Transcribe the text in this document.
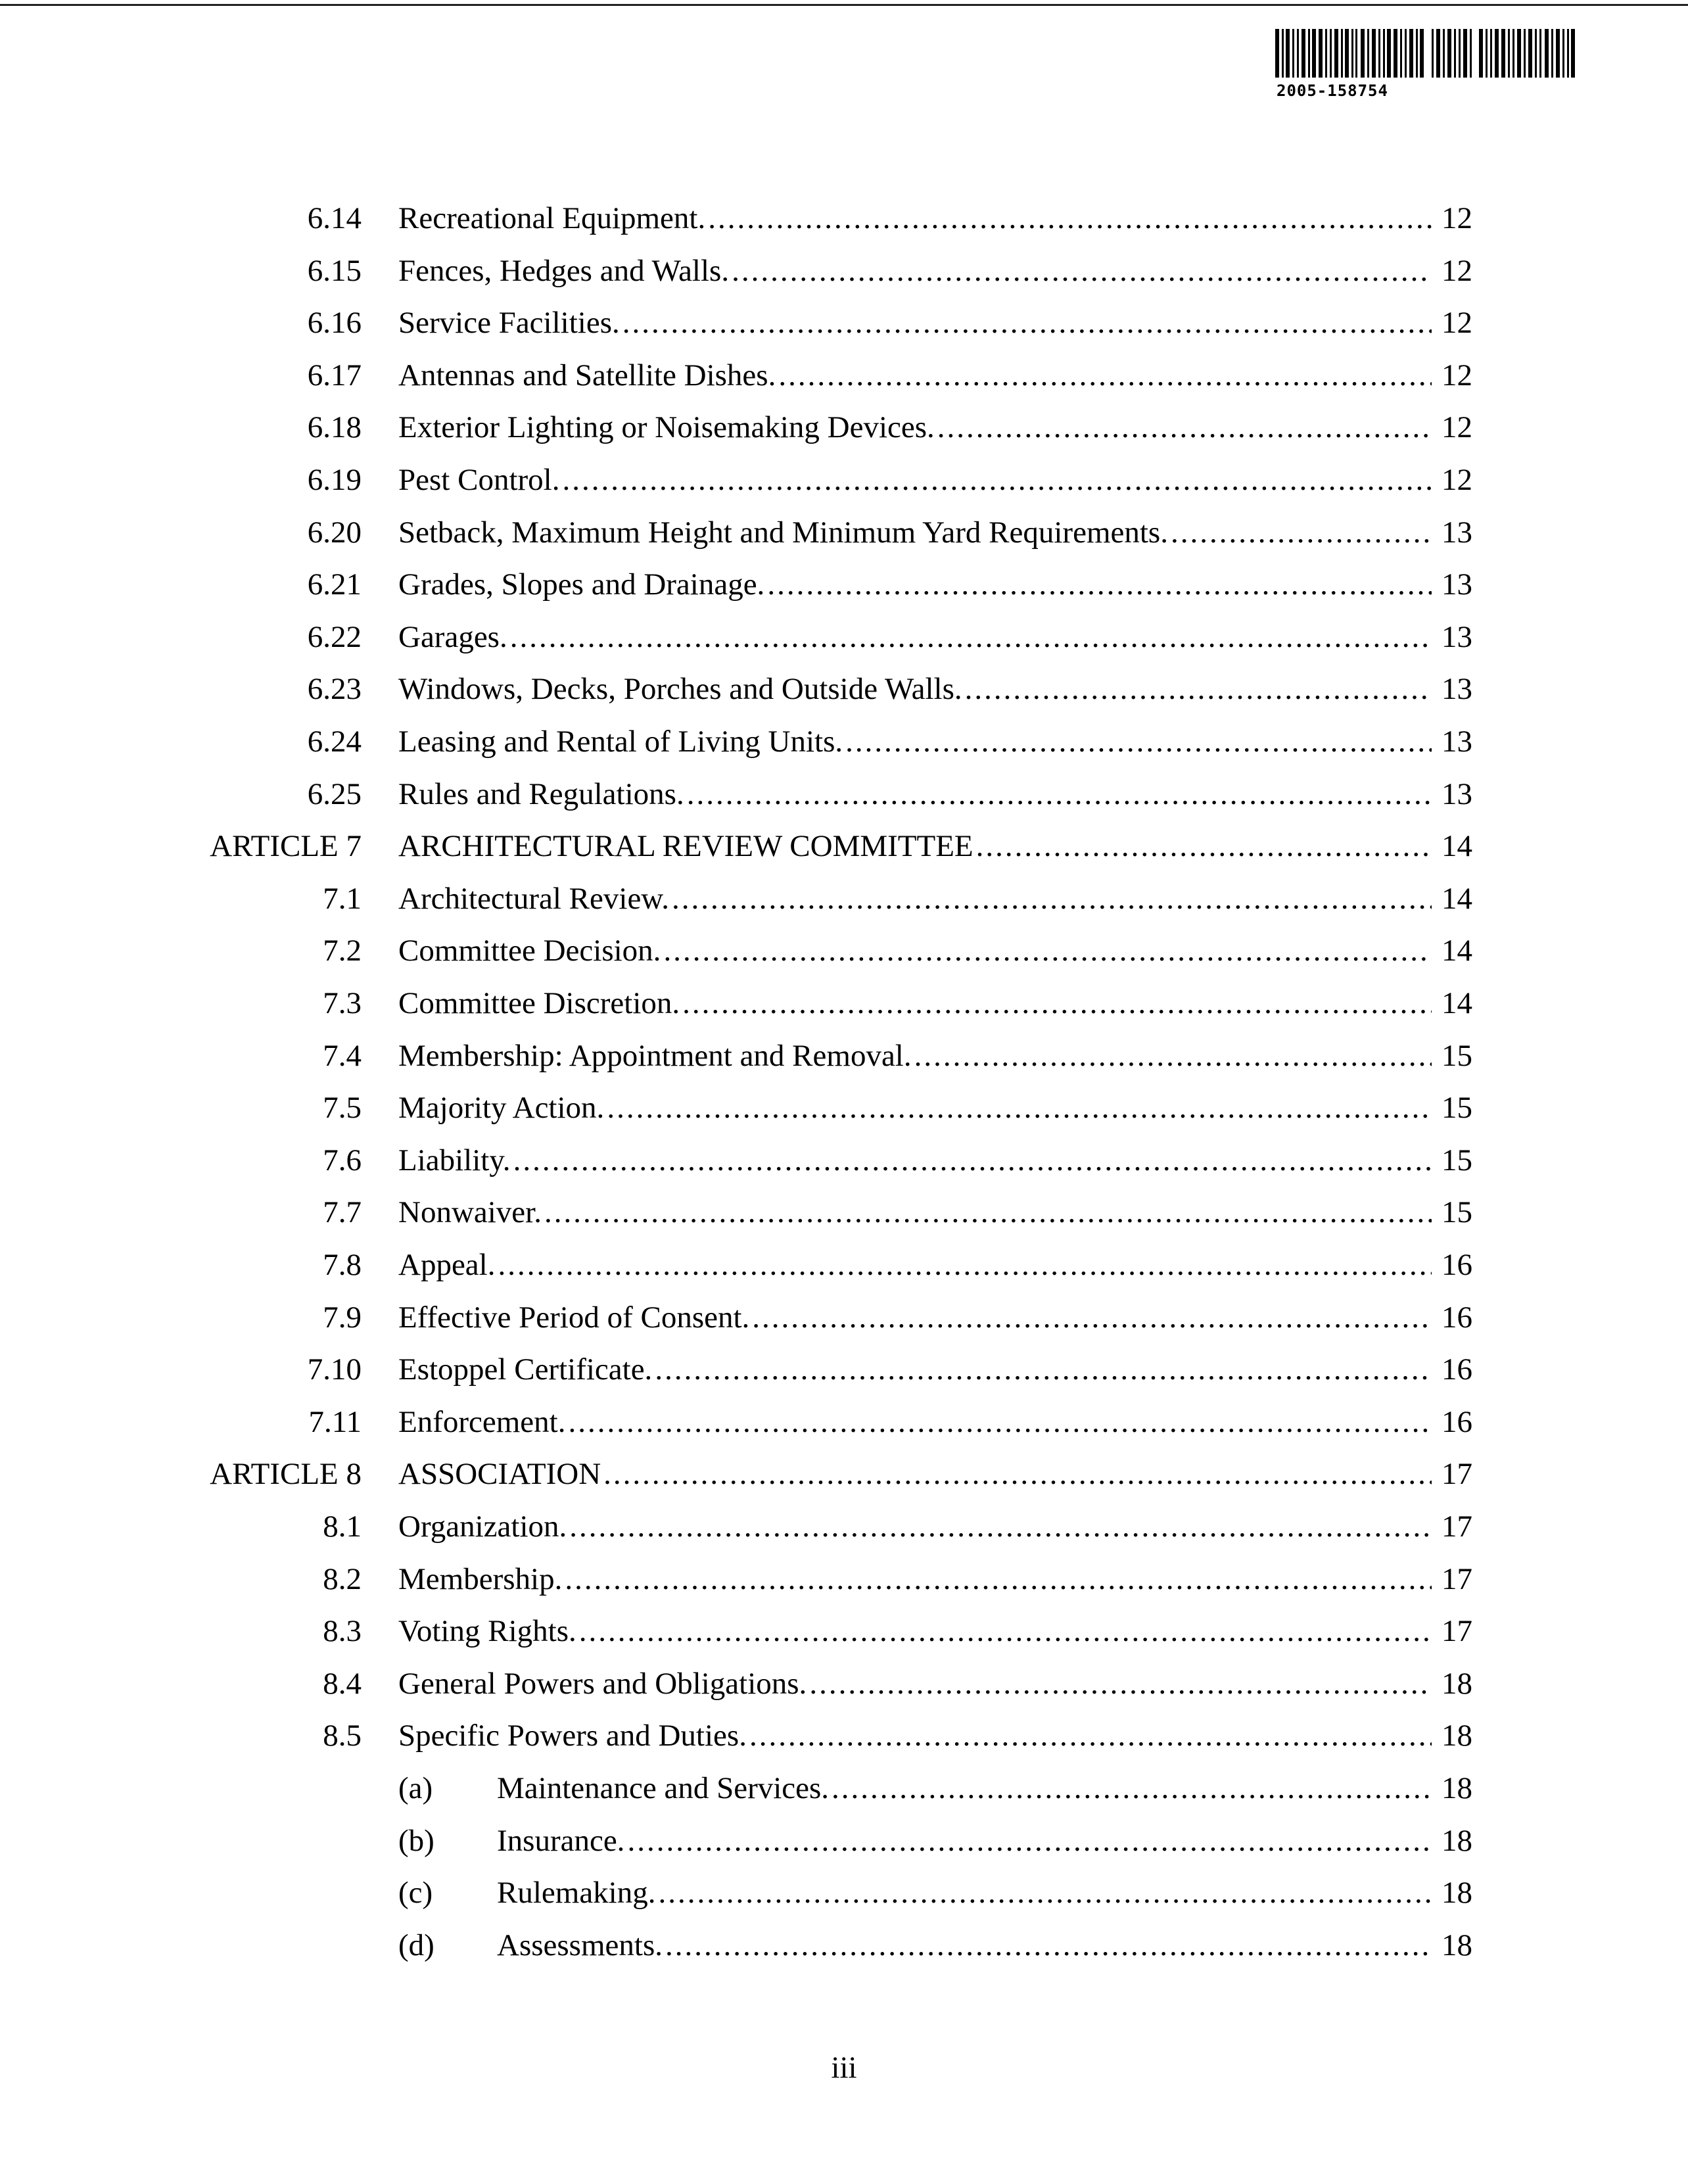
2005-158754
6.14 Recreational Equipment. .....	12
6.15 Fences, Hedges and Walls. .....	12
6.16 Service Facilities. .....	12
6.17 Antennas and Satellite Dishes. .....	12
6.18 Exterior Lighting or Noisemaking Devices. .....	12
6.19 Pest Control. .....	12
6.20 Setback, Maximum Height and Minimum Yard Requirements. .....	13
6.21 Grades, Slopes and Drainage. .....	13
6.22 Garages. .....	13
6.23 Windows, Decks, Porches and Outside Walls. .....	13
6.24 Leasing and Rental of Living Units. .....	13
6.25 Rules and Regulations. .....	13
ARTICLE 7 ARCHITECTURAL REVIEW COMMITTEE .....	14
7.1 Architectural Review. .....	14
7.2 Committee Decision. .....	14
7.3 Committee Discretion. .....	14
7.4 Membership: Appointment and Removal. .....	15
7.5 Majority Action. .....	15
7.6 Liability. .....	15
7.7 Nonwaiver. .....	15
7.8 Appeal. .....	16
7.9 Effective Period of Consent. .....	16
7.10 Estoppel Certificate. .....	16
7.11 Enforcement. .....	16
ARTICLE 8 ASSOCIATION .....	17
8.1 Organization. .....	17
8.2 Membership. .....	17
8.3 Voting Rights. .....	17
8.4 General Powers and Obligations. .....	18
8.5 Specific Powers and Duties. .....	18
(a) Maintenance and Services. .....	18
(b) Insurance. .....	18
(c) Rulemaking. .....	18
(d) Assessments. .....	18
iii
